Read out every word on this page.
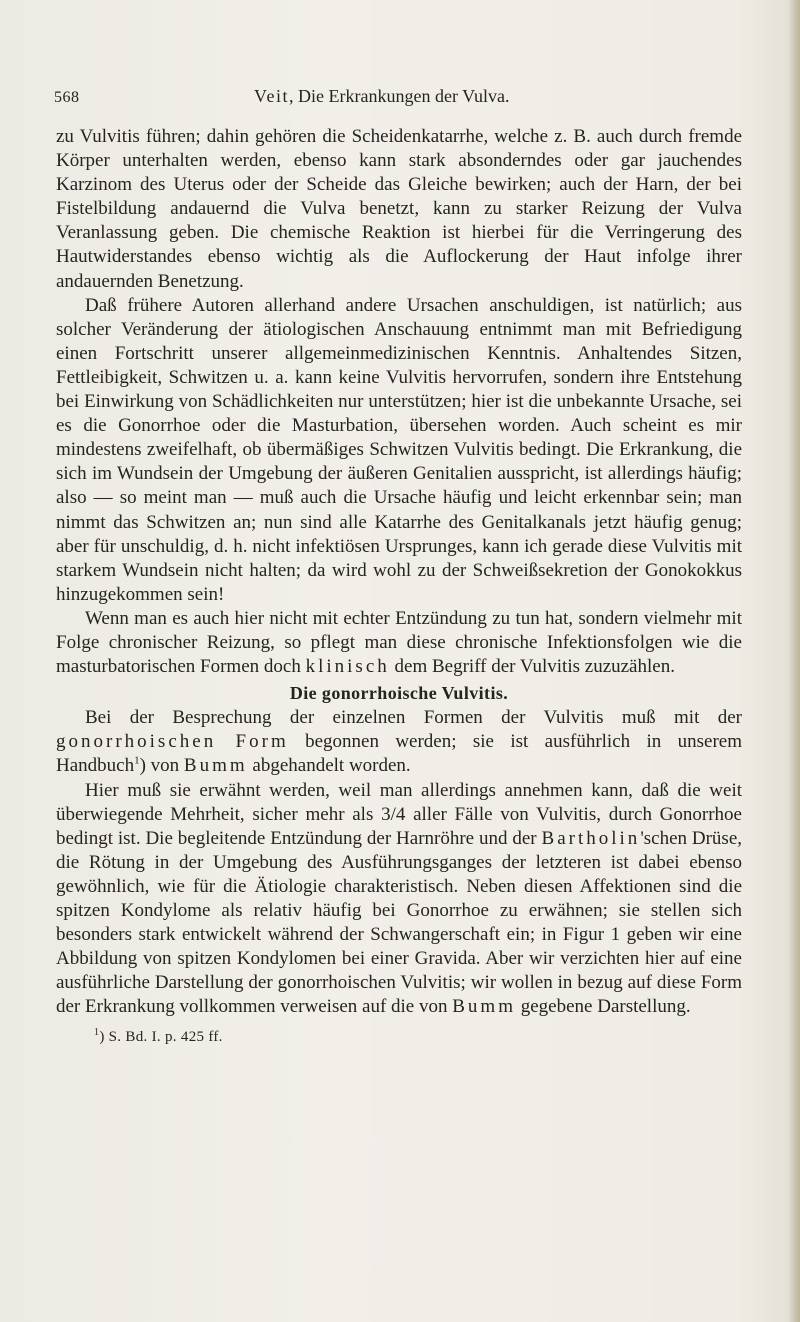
568	Veit, Die Erkrankungen der Vulva.

zu Vulvitis führen; dahin gehören die Scheidenkatarrhe, welche z. B. auch durch fremde Körper unterhalten werden, ebenso kann stark absonderndes oder gar jauchendes Karzinom des Uterus oder der Scheide das Gleiche bewirken; auch der Harn, der bei Fistelbildung andauernd die Vulva benetzt, kann zu starker Reizung der Vulva Veranlassung geben. Die chemische Reaktion ist hierbei für die Verringerung des Hautwiderstandes ebenso wichtig als die Auflockerung der Haut infolge ihrer andauernden Benetzung.

Daß frühere Autoren allerhand andere Ursachen anschuldigen, ist natürlich; aus solcher Veränderung der ätiologischen Anschauung entnimmt man mit Befriedigung einen Fortschritt unserer allgemeinmedizinischen Kenntnis. Anhaltendes Sitzen, Fettleibigkeit, Schwitzen u. a. kann keine Vulvitis hervorrufen, sondern ihre Entstehung bei Einwirkung von Schädlichkeiten nur unterstützen; hier ist die unbekannte Ursache, sei es die Gonorrhoe oder die Masturbation, übersehen worden. Auch scheint es mir mindestens zweifelhaft, ob übermäßiges Schwitzen Vulvitis bedingt. Die Erkrankung, die sich im Wundsein der Umgebung der äußeren Genitalien ausspricht, ist allerdings häufig; also — so meint man — muß auch die Ursache häufig und leicht erkennbar sein; man nimmt das Schwitzen an; nun sind alle Katarrhe des Genitalkanals jetzt häufig genug; aber für unschuldig, d. h. nicht infektiösen Ursprunges, kann ich gerade diese Vulvitis mit starkem Wundsein nicht halten; da wird wohl zu der Schweißsekretion der Gonokokkus hinzugekommen sein!

Wenn man es auch hier nicht mit echter Entzündung zu tun hat, sondern vielmehr mit Folge chronischer Reizung, so pflegt man diese chronische Infektionsfolgen wie die masturbatorischen Formen doch klinisch dem Begriff der Vulvitis zuzuzählen.

Die gonorrhoische Vulvitis.

Bei der Besprechung der einzelnen Formen der Vulvitis muß mit der gonorrhoischen Form begonnen werden; sie ist ausführlich in unserem Handbuch$^1$) von Bumm abgehandelt worden.

Hier muß sie erwähnt werden, weil man allerdings annehmen kann, daß die weit überwiegende Mehrheit, sicher mehr als 3/4 aller Fälle von Vulvitis, durch Gonorrhoe bedingt ist. Die begleitende Entzündung der Harnröhre und der Bartholin'schen Drüse, die Rötung in der Umgebung des Ausführungsganges der letzteren ist dabei ebenso gewöhnlich, wie für die Ätiologie charakteristisch. Neben diesen Affektionen sind die spitzen Kondylome als relativ häufig bei Gonorrhoe zu erwähnen; sie stellen sich besonders stark entwickelt während der Schwangerschaft ein; in Figur 1 geben wir eine Abbildung von spitzen Kondylomen bei einer Gravida. Aber wir verzichten hier auf eine ausführliche Darstellung der gonorrhoischen Vulvitis; wir wollen in bezug auf diese Form der Erkrankung vollkommen verweisen auf die von Bumm gegebene Darstellung.

$^1$) S. Bd. I. p. 425 ff.
